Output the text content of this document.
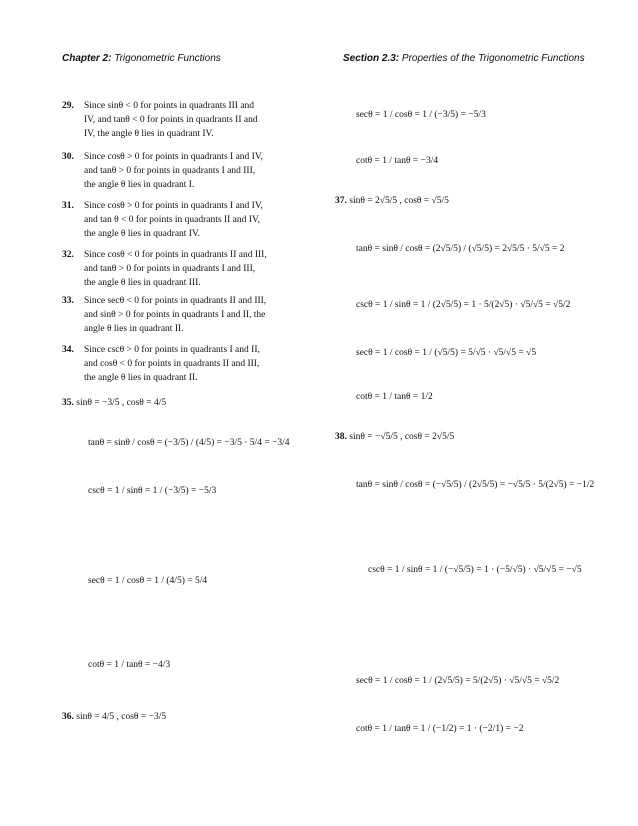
Chapter 2: Trigonometric Functions	Section 2.3: Properties of the Trigonometric Functions
29. Since sinθ < 0 for points in quadrants III and
IV, and tanθ < 0 for points in quadrants II and
IV, the angle θ lies in quadrant IV.
30. Since cosθ > 0 for points in quadrants I and IV,
and tanθ > 0 for points in quadrants I and III,
the angle θ lies in quadrant I.
31. Since cosθ > 0 for points in quadrants I and IV,
and tan θ < 0 for points in quadrants II and IV,
the angle θ lies in quadrant IV.
32. Since cosθ < 0 for points in quadrants II and III,
and tanθ > 0 for points in quadrants I and III,
the angle θ lies in quadrant III.
33. Since secθ < 0 for points in quadrants II and III,
and sinθ > 0 for points in quadrants I and II, the
angle θ lies in quadrant II.
34. Since cscθ > 0 for points in quadrants I and II,
and cosθ < 0 for points in quadrants II and III,
the angle θ lies in quadrant II.
35. sinθ = −3/5 , cosθ = 4/5
tanθ = sinθ / cosθ = (−3/5) / (4/5) = −3/5 · 5/4 = −3/4
cscθ = 1 / sinθ = 1 / (−3/5) = −5/3
secθ = 1 / cosθ = 1 / (4/5) = 5/4
cotθ = 1 / tanθ = −4/3
36. sinθ = 4/5 , cosθ = −3/5
secθ = 1 / cosθ = 1 / (−3/5) = −5/3
cotθ = 1 / tanθ = −3/4
37. sinθ = 2√5/5 , cosθ = √5/5
tanθ = sinθ / cosθ = (2√5/5) / (√5/5) = 2√5/5 · 5/√5 = 2
cscθ = 1 / sinθ = 1 / (2√5/5) = 1 · 5/(2√5) · √5/√5 = √5/2
secθ = 1 / cosθ = 1 / (√5/5) = 5/√5 · √5/√5 = √5
cotθ = 1 / tanθ = 1/2
38. sinθ = −√5/5 , cosθ = 2√5/5
tanθ = sinθ / cosθ = (−√5/5) / (2√5/5) = −√5/5 · 5/(2√5) = −1/2
cscθ = 1 / sinθ = 1 / (−√5/5) = 1 · (−5/√5) · √5/√5 = −√5
secθ = 1 / cosθ = 1 / (2√5/5) = 5/(2√5) · √5/√5 = √5/2
cotθ = 1 / tanθ = 1 / (−1/2) = 1 · (−2/1) = −2
